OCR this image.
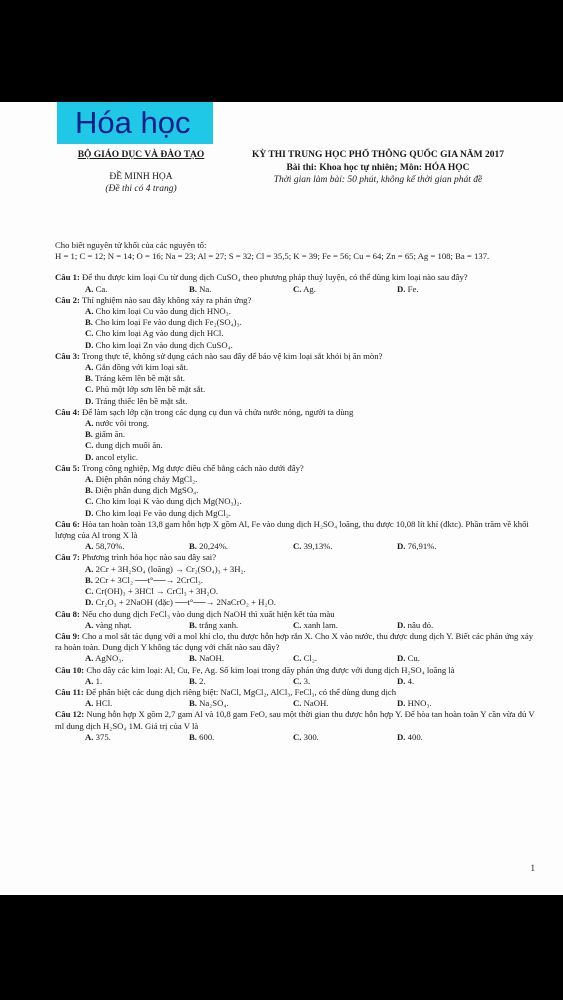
Hóa học
BỘ GIÁO DỤC VÀ ĐÀO TẠO
ĐỀ MINH HỌA
(Đề thi có 4 trang)
KỲ THI TRUNG HỌC PHỔ THÔNG QUỐC GIA NĂM 2017
Bài thi: Khoa học tự nhiên; Môn: HÓA HỌC
Thời gian làm bài: 50 phút, không kể thời gian phát đề

Cho biết nguyên tử khối của các nguyên tố:

H = 1; C = 12; N = 14; O = 16; Na = 23; Al = 27; S = 32; Cl = 35,5; K = 39; Fe = 56; Cu = 64; Zn = 65; Ag = 108; Ba = 137.

Câu 1: Để thu được kim loại Cu từ dung dịch CuSO₄ theo phương pháp thuỷ luyện, có thể dùng kim loại nào sau đây?

A. Ca.	B. Na.	C. Ag.	D. Fe.

Câu 2: Thí nghiệm nào sau đây không xảy ra phản ứng?

A. Cho kim loại Cu vào dung dịch HNO₃.
B. Cho kim loại Fe vào dung dịch Fe₂(SO₄)₃.
C. Cho kim loại Ag vào dung dịch HCl.
D. Cho kim loại Zn vào dung dịch CuSO₄.

Câu 3: Trong thực tế, không sử dụng cách nào sau đây để bảo vệ kim loại sắt khỏi bị ăn mòn?

A. Gắn đồng với kim loại sắt.
B. Tráng kẽm lên bề mặt sắt.
C. Phủ một lớp sơn lên bề mặt sắt.
D. Tráng thiếc lên bề mặt sắt.

Câu 4: Để làm sạch lớp cặn trong các dụng cụ đun và chứa nước nóng, người ta dùng

A. nước vôi trong.
B. giấm ăn.
C. dung dịch muối ăn.
D. ancol etylic.

Câu 5: Trong công nghiệp, Mg được điều chế bằng cách nào dưới đây?

A. Điện phân nóng chảy MgCl₂.
B. Điện phân dung dịch MgSO₄.
C. Cho kim loại K vào dung dịch Mg(NO₃)₂.
D. Cho kim loại Fe vào dung dịch MgCl₂.

Câu 6: Hòa tan hoàn toàn 13,8 gam hỗn hợp X gồm Al, Fe vào dung dịch H₂SO₄ loãng, thu được 10,08 lít khí (đktc). Phần trăm về khối lượng của Al trong X là

A. 58,70%.	B. 20,24%.	C. 39,13%.	D. 76,91%.

Câu 7: Phương trình hóa học nào sau đây sai?

A. 2Cr + 3H₂SO₄ (loãng) → Cr₂(SO₄)₃ + 3H₂.
B. 2Cr + 3Cl₂ ──t°──→ 2CrCl₃.
C. Cr(OH)₃ + 3HCl → CrCl₃ + 3H₂O.
D. Cr₂O₃ + 2NaOH (đặc) ──t°──→ 2NaCrO₂ + H₂O.

Câu 8: Nếu cho dung dịch FeCl₃ vào dung dịch NaOH thì xuất hiện kết tủa màu

A. vàng nhạt.	B. trắng xanh.	C. xanh lam.	D. nâu đỏ.

Câu 9: Cho a mol sắt tác dụng với a mol khí clo, thu được hỗn hợp rắn X. Cho X vào nước, thu được dung dịch Y. Biết các phản ứng xảy ra hoàn toàn. Dung dịch Y không tác dụng với chất nào sau đây?

A. AgNO₃.	B. NaOH.	C. Cl₂.	D. Cu.

Câu 10: Cho dãy các kim loại: Al, Cu, Fe, Ag. Số kim loại trong dãy phản ứng được với dung dịch H₂SO₄ loãng là

A. 1.	B. 2.	C. 3.	D. 4.

Câu 11: Để phân biệt các dung dịch riêng biệt: NaCl, MgCl₂, AlCl₃, FeCl₃, có thể dùng dung dịch

A. HCl.	B. Na₂SO₄.	C. NaOH.	D. HNO₃.

Câu 12: Nung hỗn hợp X gồm 2,7 gam Al và 10,8 gam FeO, sau một thời gian thu được hỗn hợp Y. Để hòa tan hoàn toàn Y cần vừa đủ V ml dung dịch H₂SO₄ 1M. Giá trị của V là

A. 375.	B. 600.	C. 300.	D. 400.
1
